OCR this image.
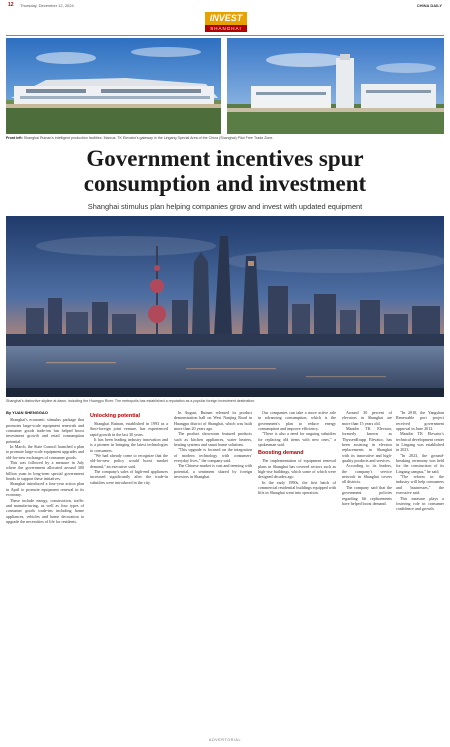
12 Thursday, December 12, 2024	CHINA DAILY
INVEST
SHANGHAI
Front left: Shanghai Ruinan's intelligent production facilities. Marcus. TK Elevator's gateway in the Lingang Special Area of the China (Shanghai) Pilot Free Trade Zone.
Government incentives spur
consumption and investment
Shanghai stimulus plan helping companies grow and invest with updated equipment
Shanghai's distinctive skyline at dawn, including the Huangpu River. The metropolis has established a reputation as a popular foreign investment destination.

By YUAN SHENGGAO

Shanghai's economic stimulus package that promotes large-scale equipment renewals and consumer goods trade-ins has helped boost investment growth and retail consumption potential.

In March, the State Council launched a plan to promote large-scale equipment upgrades and old-for-new exchanges of consumer goods.

This was followed by a measure in July where the government allocated around 300 billion yuan in long-term special government bonds to support these initiatives.

Shanghai introduced a four-year action plan in April to promote equipment renewal in its economy.

These include energy, construction, traffic and manufacturing, as well as four types of consumer goods trade-ins including home appliances, vehicles and home decoration to upgrade the necessities of life for residents.

Unlocking potential

Shanghai Ruinan, established in 1993 as a Sino-foreign joint venture, has experienced rapid growth in the last 30 years.

It has been leading industry innovation and is a pioneer in bringing the latest technologies to consumers.

"We had already come to recognize that the old-for-new policy would boost market demand," an executive said.

The company's sales of high-end appliances increased significantly after the trade-in subsidies were introduced in the city.

In August, Ruinan released its product demonstration hall on West Nanjing Road in Huangpu district of Shanghai, which was built more than 20 years ago.

The product showroom featured products such as kitchen appliances, water heaters, heating systems and smart home solutions.

"This upgrade is focused on the integration of modern technology with consumers' everyday lives," the company said.

The Chinese market is vast and teeming with potential, a sentiment shared by foreign investors in Shanghai.

Our companies can take a more active role in advancing consumption, which is the government's plan to reduce energy consumption and improve efficiency.

"There is also a need for ongoing subsidies for replacing old items with new ones," a spokesman said.

Boosting demand

The implementation of equipment renewal plans in Shanghai has covered sectors such as high-rise buildings, which some of which were designed decades ago.

In the early 1990s, the first batch of commercial residential buildings equipped with lifts in Shanghai went into operation.

Around 30 percent of elevators in Shanghai are more than 15 years old.

Mandin TK Elevator, formerly known as ThyssenKrupp Elevator, has been assisting in elevator replacements in Shanghai with its innovative and high-quality products and services.

According to its leaders, the company's service network in Shanghai covers all districts.

The company said that the government policies regarding lift replacements have helped boost demand.

"In 2010, the Yangshan Renewable port project received government approval in June 2012.

Mandin TK Elevator's technical development center in Lingang was established in 2023.

"In 2023, the ground-breaking ceremony was held for the construction of its Lingang campus," he said.

"The reform in the industry will help consumers and businesses," the executive said.

This measure plays a fostering role in consumer confidence and growth.

ADVERTORIAL
